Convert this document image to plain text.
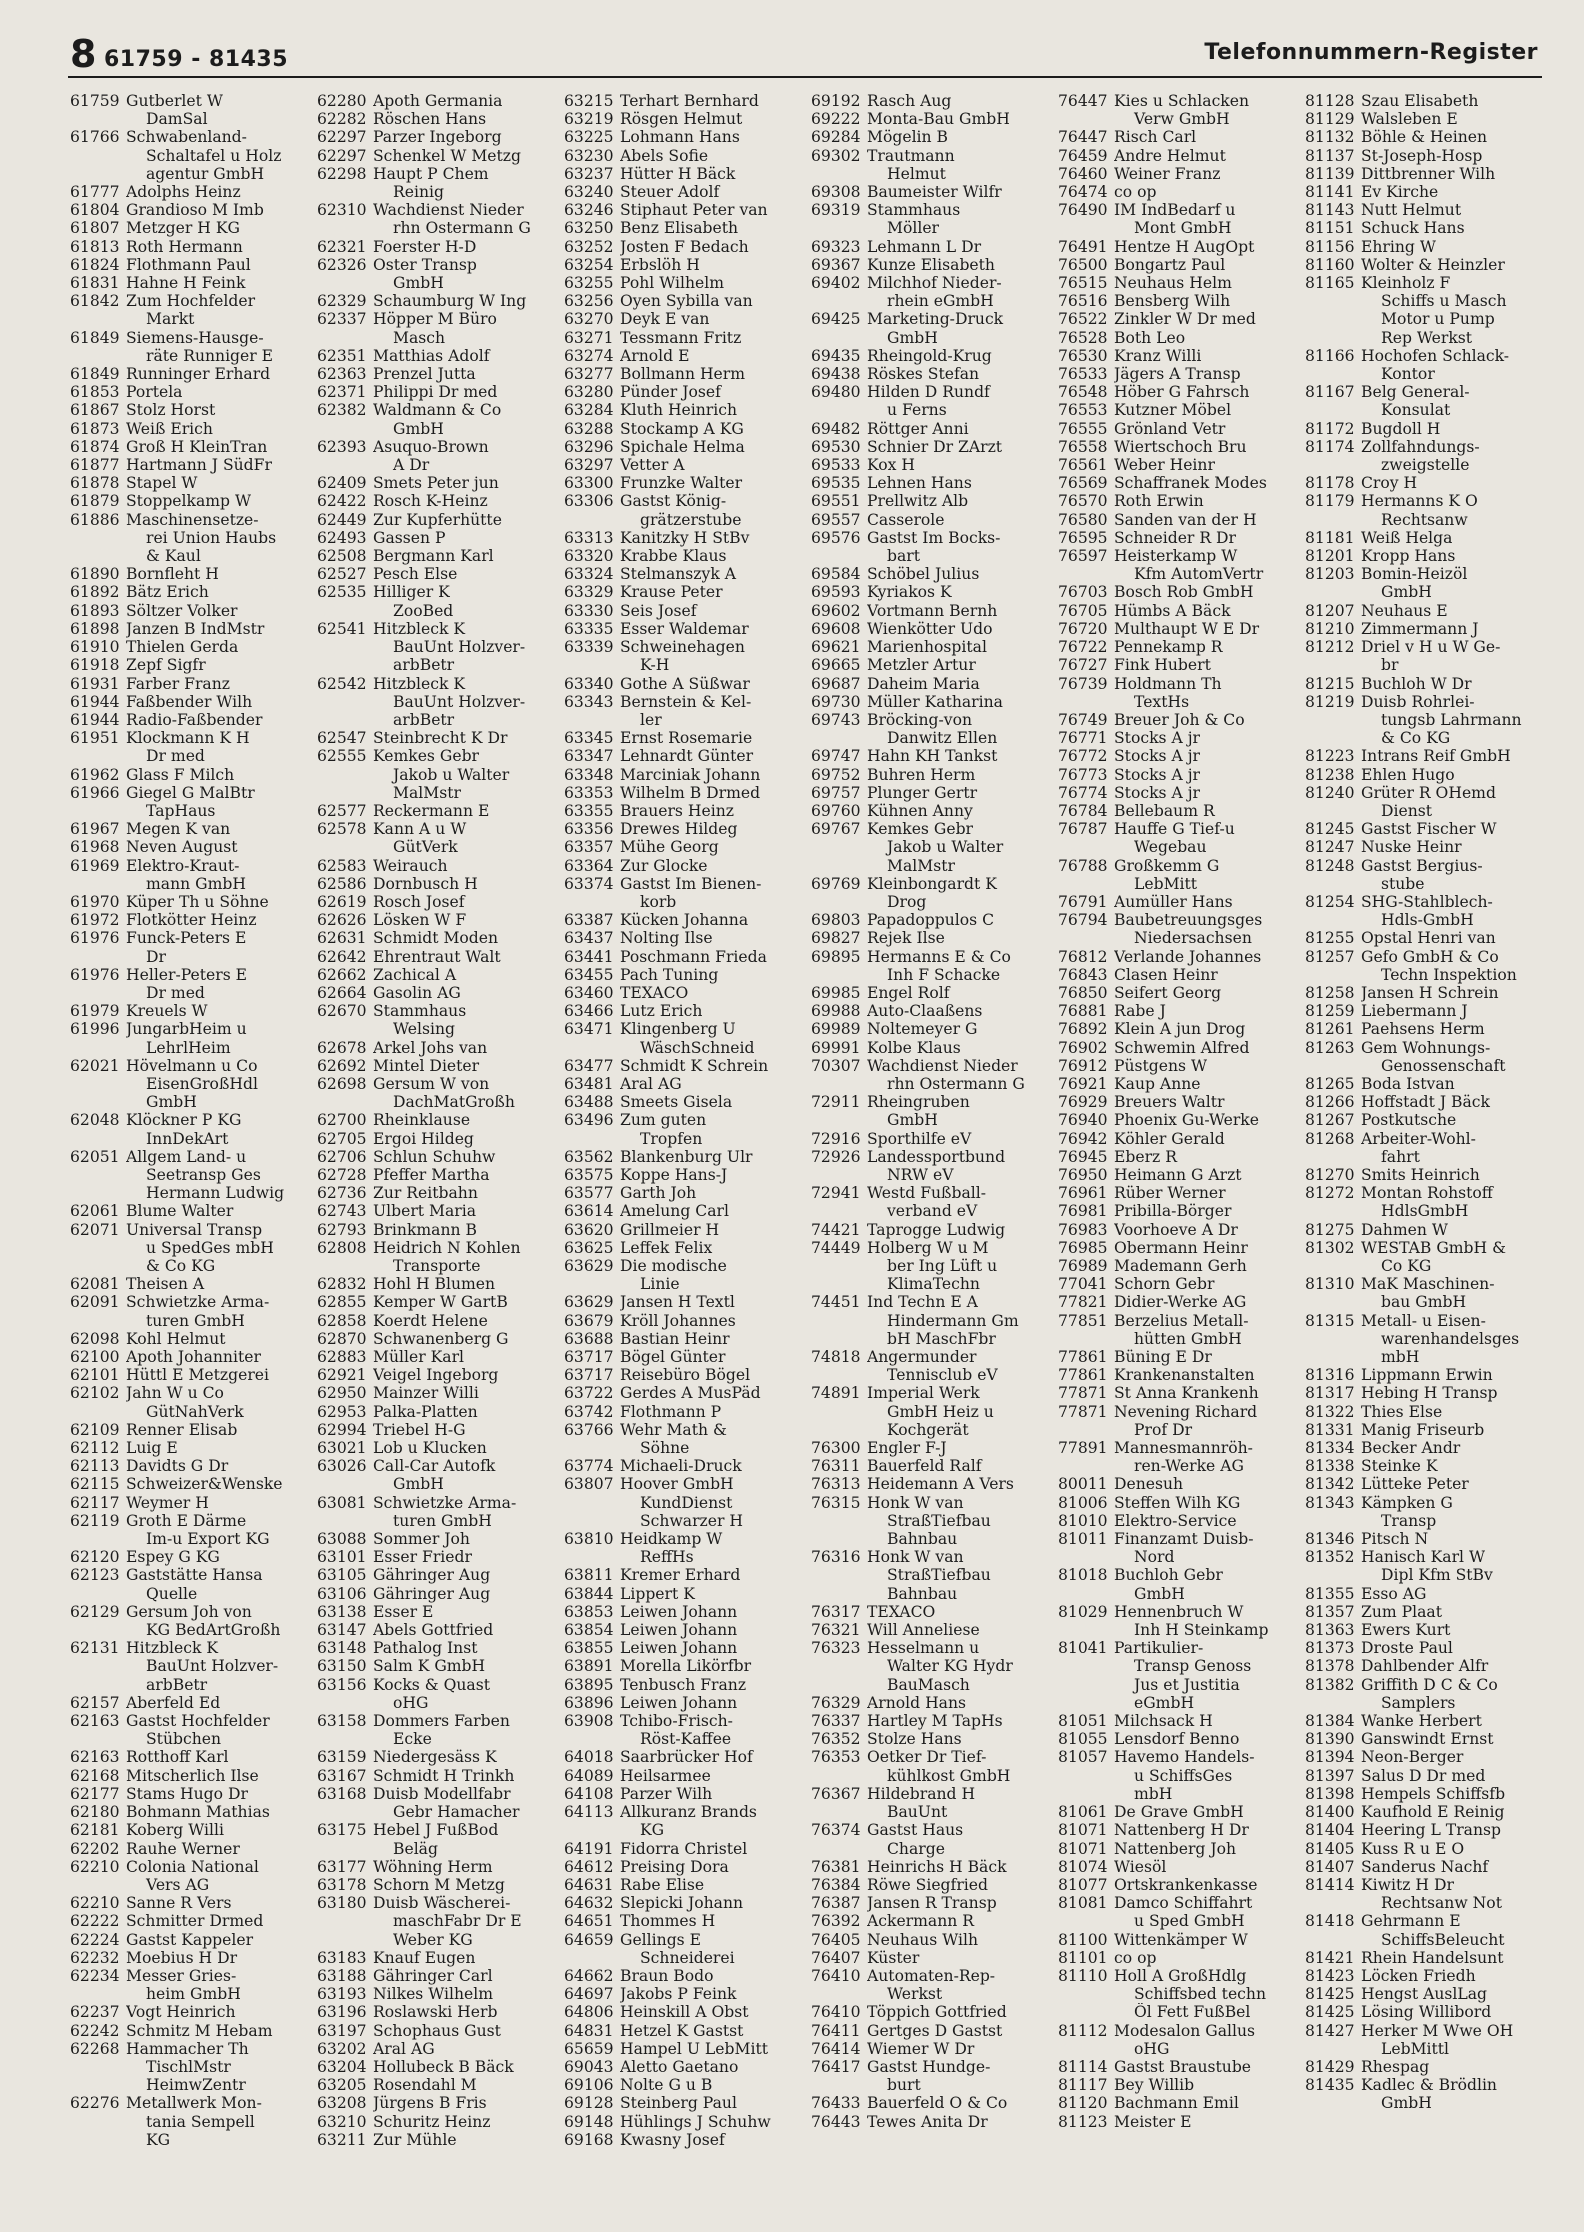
8 61759 - 81435	Telefonnummern-Register
61759 Gutberlet W
DamSal
61766 Schwabenland-
Schaltafel u Holz
agentur GmbH
61777 Adolphs Heinz
61804 Grandioso M Imb
61807 Metzger H KG
61813 Roth Hermann
61824 Flothmann Paul
61831 Hahne H Feink
61842 Zum Hochfelder
Markt
61849 Siemens-Hausge-
räte Runniger E
61849 Runninger Erhard
61853 Portela
61867 Stolz Horst
61873 Weiß Erich
61874 Groß H KleinTran
61877 Hartmann J SüdFr
61878 Stapel W
61879 Stoppelkamp W
61886 Maschinensetze-
rei Union Haubs
& Kaul
61890 Bornfleht H
61892 Bätz Erich
61893 Söltzer Volker
61898 Janzen B IndMstr
61910 Thielen Gerda
61918 Zepf Sigfr
61931 Farber Franz
61944 Faßbender Wilh
61944 Radio-Faßbender
61951 Klockmann K H
Dr med
61962 Glass F Milch
61966 Giegel G MalBtr
TapHaus
61967 Megen K van
61968 Neven August
61969 Elektro-Kraut-
mann GmbH
61970 Küper Th u Söhne
61972 Flotkötter Heinz
61976 Funck-Peters E
Dr
61976 Heller-Peters E
Dr med
61979 Kreuels W
61996 JungarbHeim u
LehrlHeim
62021 Hövelmann u Co
EisenGroßHdl
GmbH
62048 Klöckner P KG
InnDekArt
62051 Allgem Land- u
Seetransp Ges
Hermann Ludwig
62061 Blume Walter
62071 Universal Transp
u SpedGes mbH
& Co KG
62081 Theisen A
62091 Schwietzke Arma-
turen GmbH
62098 Kohl Helmut
62100 Apoth Johanniter
62101 Hüttl E Metzgerei
62102 Jahn W u Co
GütNahVerk
62109 Renner Elisab
62112 Luig E
62113 Davidts G Dr
62115 Schweizer&Wenske
62117 Weymer H
62119 Groth E Därme
Im-u Export KG
62120 Espey G KG
62123 Gaststätte Hansa
Quelle
62129 Gersum Joh von
KG BedArtGroßh
62131 Hitzbleck K
BauUnt Holzver-
arbBetr
62157 Aberfeld Ed
62163 Gastst Hochfelder
Stübchen
62163 Rotthoff Karl
62168 Mitscherlich Ilse
62177 Stams Hugo Dr
62180 Bohmann Mathias
62181 Koberg Willi
62202 Rauhe Werner
62210 Colonia National
Vers AG
62210 Sanne R Vers
62222 Schmitter Drmed
62224 Gastst Kappeler
62232 Moebius H Dr
62234 Messer Gries-
heim GmbH
62237 Vogt Heinrich
62242 Schmitz M Hebam
62268 Hammacher Th
TischlMstr
HeimwZentr
62276 Metallwerk Mon-
tania Sempell
KG
62280 Apoth Germania
62282 Röschen Hans
62297 Parzer Ingeborg
62297 Schenkel W Metzg
62298 Haupt P Chem
Reinig
62310 Wachdienst Nieder
rhn Ostermann G
62321 Foerster H-D
62326 Oster Transp
GmbH
62329 Schaumburg W Ing
62337 Höpper M Büro
Masch
62351 Matthias Adolf
62363 Prenzel Jutta
62371 Philippi Dr med
62382 Waldmann & Co
GmbH
62393 Asuquo-Brown
A Dr
62409 Smets Peter jun
62422 Rosch K-Heinz
62449 Zur Kupferhütte
62493 Gassen P
62508 Bergmann Karl
62527 Pesch Else
62535 Hilliger K
ZooBed
62541 Hitzbleck K
BauUnt Holzver-
arbBetr
62542 Hitzbleck K
BauUnt Holzver-
arbBetr
62547 Steinbrecht K Dr
62555 Kemkes Gebr
Jakob u Walter
MalMstr
62577 Reckermann E
62578 Kann A u W
GütVerk
62583 Weirauch
62586 Dornbusch H
62619 Rosch Josef
62626 Lösken W F
62631 Schmidt Moden
62642 Ehrentraut Walt
62662 Zachical A
62664 Gasolin AG
62670 Stammhaus
Welsing
62678 Arkel Johs van
62692 Mintel Dieter
62698 Gersum W von
DachMatGroßh
62700 Rheinklause
62705 Ergoi Hildeg
62706 Schlun Schuhw
62728 Pfeffer Martha
62736 Zur Reitbahn
62743 Ulbert Maria
62793 Brinkmann B
62808 Heidrich N Kohlen
Transporte
62832 Hohl H Blumen
62855 Kemper W GartB
62858 Koerdt Helene
62870 Schwanenberg G
62883 Müller Karl
62921 Veigel Ingeborg
62950 Mainzer Willi
62953 Palka-Platten
62994 Triebel H-G
63021 Lob u Klucken
63026 Call-Car Autofk
GmbH
63081 Schwietzke Arma-
turen GmbH
63088 Sommer Joh
63101 Esser Friedr
63105 Gähringer Aug
63106 Gähringer Aug
63138 Esser E
63147 Abels Gottfried
63148 Pathalog Inst
63150 Salm K GmbH
63156 Kocks & Quast
oHG
63158 Dommers Farben
Ecke
63159 Niedergesäss K
63167 Schmidt H Trinkh
63168 Duisb Modellfabr
Gebr Hamacher
63175 Hebel J FußBod
Beläg
63177 Wöhning Herm
63178 Schorn M Metzg
63180 Duisb Wäscherei-
maschFabr Dr E
Weber KG
63183 Knauf Eugen
63188 Gähringer Carl
63193 Nilkes Wilhelm
63196 Roslawski Herb
63197 Schophaus Gust
63202 Aral AG
63204 Hollubeck B Bäck
63205 Rosendahl M
63208 Jürgens B Fris
63210 Schuritz Heinz
63211 Zur Mühle
63215 Terhart Bernhard
63219 Rösgen Helmut
63225 Lohmann Hans
63230 Abels Sofie
63237 Hütter H Bäck
63240 Steuer Adolf
63246 Stiphaut Peter van
63250 Benz Elisabeth
63252 Josten F Bedach
63254 Erbslöh H
63255 Pohl Wilhelm
63256 Oyen Sybilla van
63270 Deyk E van
63271 Tessmann Fritz
63274 Arnold E
63277 Bollmann Herm
63280 Pünder Josef
63284 Kluth Heinrich
63288 Stockamp A KG
63296 Spichale Helma
63297 Vetter A
63300 Frunzke Walter
63306 Gastst König-
grätzerstube
63313 Kanitzky H StBv
63320 Krabbe Klaus
63324 Stelmanszyk A
63329 Krause Peter
63330 Seis Josef
63335 Esser Waldemar
63339 Schweinehagen
K-H
63340 Gothe A Süßwar
63343 Bernstein & Kel-
ler
63345 Ernst Rosemarie
63347 Lehnardt Günter
63348 Marciniak Johann
63353 Wilhelm B Drmed
63355 Brauers Heinz
63356 Drewes Hildeg
63357 Mühe Georg
63364 Zur Glocke
63374 Gastst Im Bienen-
korb
63387 Kücken Johanna
63437 Nolting Ilse
63441 Poschmann Frieda
63455 Pach Tuning
63460 TEXACO
63466 Lutz Erich
63471 Klingenberg U
WäschSchneid
63477 Schmidt K Schrein
63481 Aral AG
63488 Smeets Gisela
63496 Zum guten
Tropfen
63562 Blankenburg Ulr
63575 Koppe Hans-J
63577 Garth Joh
63614 Amelung Carl
63620 Grillmeier H
63625 Leffek Felix
63629 Die modische
Linie
63629 Jansen H Textl
63679 Kröll Johannes
63688 Bastian Heinr
63717 Bögel Günter
63717 Reisebüro Bögel
63722 Gerdes A MusPäd
63742 Flothmann P
63766 Wehr Math &
Söhne
63774 Michaeli-Druck
63807 Hoover GmbH
KundDienst
Schwarzer H
63810 Heidkamp W
ReffHs
63811 Kremer Erhard
63844 Lippert K
63853 Leiwen Johann
63854 Leiwen Johann
63855 Leiwen Johann
63891 Morella Likörfbr
63895 Tenbusch Franz
63896 Leiwen Johann
63908 Tchibo-Frisch-
Röst-Kaffee
64018 Saarbrücker Hof
64089 Heilsarmee
64108 Parzer Wilh
64113 Allkuranz Brands
KG
64191 Fidorra Christel
64612 Preising Dora
64631 Rabe Elise
64632 Slepicki Johann
64651 Thommes H
64659 Gellings E
Schneiderei
64662 Braun Bodo
64697 Jakobs P Feink
64806 Heinskill A Obst
64831 Hetzel K Gastst
65659 Hampel U LebMitt
69043 Aletto Gaetano
69106 Nolte G u B
69128 Steinberg Paul
69148 Hühlings J Schuhw
69168 Kwasny Josef
69192 Rasch Aug
69222 Monta-Bau GmbH
69284 Mögelin B
69302 Trautmann
Helmut
69308 Baumeister Wilfr
69319 Stammhaus
Möller
69323 Lehmann L Dr
69367 Kunze Elisabeth
69402 Milchhof Nieder-
rhein eGmbH
69425 Marketing-Druck
GmbH
69435 Rheingold-Krug
69438 Röskes Stefan
69480 Hilden D Rundf
u Ferns
69482 Röttger Anni
69530 Schnier Dr ZArzt
69533 Kox H
69535 Lehnen Hans
69551 Prellwitz Alb
69557 Casserole
69576 Gastst Im Bocks-
bart
69584 Schöbel Julius
69593 Kyriakos K
69602 Vortmann Bernh
69608 Wienkötter Udo
69621 Marienhospital
69665 Metzler Artur
69687 Daheim Maria
69730 Müller Katharina
69743 Bröcking-von
Danwitz Ellen
69747 Hahn KH Tankst
69752 Buhren Herm
69757 Plunger Gertr
69760 Kühnen Anny
69767 Kemkes Gebr
Jakob u Walter
MalMstr
69769 Kleinbongardt K
Drog
69803 Papadoppulos C
69827 Rejek Ilse
69895 Hermanns E & Co
Inh F Schacke
69985 Engel Rolf
69988 Auto-Claaßens
69989 Noltemeyer G
69991 Kolbe Klaus
70307 Wachdienst Nieder
rhn Ostermann G
72911 Rheingruben
GmbH
72916 Sporthilfe eV
72926 Landessportbund
NRW eV
72941 Westd Fußball-
verband eV
74421 Taprogge Ludwig
74449 Holberg W u M
ber Ing Lüft u
KlimaTechn
74451 Ind Techn E A
Hindermann Gm
bH MaschFbr
74818 Angermunder
Tennisclub eV
74891 Imperial Werk
GmbH Heiz u
Kochgerät
76300 Engler F-J
76311 Bauerfeld Ralf
76313 Heidemann A Vers
76315 Honk W van
StraßTiefbau
Bahnbau
76316 Honk W van
StraßTiefbau
Bahnbau
76317 TEXACO
76321 Will Anneliese
76323 Hesselmann u
Walter KG Hydr
BauMasch
76329 Arnold Hans
76337 Hartley M TapHs
76352 Stolze Hans
76353 Oetker Dr Tief-
kühlkost GmbH
76367 Hildebrand H
BauUnt
76374 Gastst Haus
Charge
76381 Heinrichs H Bäck
76384 Röwe Siegfried
76387 Jansen R Transp
76392 Ackermann R
76405 Neuhaus Wilh
76407 Küster
76410 Automaten-Rep-
Werkst
76410 Töppich Gottfried
76411 Gertges D Gastst
76414 Wiemer W Dr
76417 Gastst Hundge-
burt
76433 Bauerfeld O & Co
76443 Tewes Anita Dr
76447 Kies u Schlacken
Verw GmbH
76447 Risch Carl
76459 Andre Helmut
76460 Weiner Franz
76474 co op
76490 IM IndBedarf u
Mont GmbH
76491 Hentze H AugOpt
76500 Bongartz Paul
76515 Neuhaus Helm
76516 Bensberg Wilh
76522 Zinkler W Dr med
76528 Both Leo
76530 Kranz Willi
76533 Jägers A Transp
76548 Höber G Fahrsch
76553 Kutzner Möbel
76555 Grönland Vetr
76558 Wiertschoch Bru
76561 Weber Heinr
76569 Schaffranek Modes
76570 Roth Erwin
76580 Sanden van der H
76595 Schneider R Dr
76597 Heisterkamp W
Kfm AutomVertr
76703 Bosch Rob GmbH
76705 Hümbs A Bäck
76720 Multhaupt W E Dr
76722 Pennekamp R
76727 Fink Hubert
76739 Holdmann Th
TextHs
76749 Breuer Joh & Co
76771 Stocks A jr
76772 Stocks A jr
76773 Stocks A jr
76774 Stocks A jr
76784 Bellebaum R
76787 Hauffe G Tief-u
Wegebau
76788 Großkemm G
LebMitt
76791 Aumüller Hans
76794 Baubetreuungsges
Niedersachsen
76812 Verlande Johannes
76843 Clasen Heinr
76850 Seifert Georg
76881 Rabe J
76892 Klein A jun Drog
76902 Schwemin Alfred
76912 Püstgens W
76921 Kaup Anne
76929 Breuers Waltr
76940 Phoenix Gu-Werke
76942 Köhler Gerald
76945 Eberz R
76950 Heimann G Arzt
76961 Rüber Werner
76981 Pribilla-Börger
76983 Voorhoeve A Dr
76985 Obermann Heinr
76989 Mademann Gerh
77041 Schorn Gebr
77821 Didier-Werke AG
77851 Berzelius Metall-
hütten GmbH
77861 Büning E Dr
77861 Krankenanstalten
77871 St Anna Krankenh
77871 Nevening Richard
Prof Dr
77891 Mannesmannröh-
ren-Werke AG
80011 Denesuh
81006 Steffen Wilh KG
81010 Elektro-Service
81011 Finanzamt Duisb-
Nord
81018 Buchloh Gebr
GmbH
81029 Hennenbruch W
Inh H Steinkamp
81041 Partikulier-
Transp Genoss
Jus et Justitia
eGmbH
81051 Milchsack H
81055 Lensdorf Benno
81057 Havemo Handels-
u SchiffsGes
mbH
81061 De Grave GmbH
81071 Nattenberg H Dr
81071 Nattenberg Joh
81074 Wiesöl
81077 Ortskrankenkasse
81081 Damco Schiffahrt
u Sped GmbH
81100 Wittenkämper W
81101 co op
81110 Holl A GroßHdlg
Schiffsbed techn
Öl Fett FußBel
81112 Modesalon Gallus
oHG
81114 Gastst Braustube
81117 Bey Willib
81120 Bachmann Emil
81123 Meister E
81128 Szau Elisabeth
81129 Walsleben E
81132 Böhle & Heinen
81137 St-Joseph-Hosp
81139 Dittbrenner Wilh
81141 Ev Kirche
81143 Nutt Helmut
81151 Schuck Hans
81156 Ehring W
81160 Wolter & Heinzler
81165 Kleinholz F
Schiffs u Masch
Motor u Pump
Rep Werkst
81166 Hochofen Schlack-
Kontor
81167 Belg General-
Konsulat
81172 Bugdoll H
81174 Zollfahndungs-
zweigstelle
81178 Croy H
81179 Hermanns K O
Rechtsanw
81181 Weiß Helga
81201 Kropp Hans
81203 Bomin-Heizöl
GmbH
81207 Neuhaus E
81210 Zimmermann J
81212 Driel v H u W Ge-
br
81215 Buchloh W Dr
81219 Duisb Rohrlei-
tungsb Lahrmann
& Co KG
81223 Intrans Reif GmbH
81238 Ehlen Hugo
81240 Grüter R OHemd
Dienst
81245 Gastst Fischer W
81247 Nuske Heinr
81248 Gastst Bergius-
stube
81254 SHG-Stahlblech-
Hdls-GmbH
81255 Opstal Henri van
81257 Gefo GmbH & Co
Techn Inspektion
81258 Jansen H Schrein
81259 Liebermann J
81261 Paehsens Herm
81263 Gem Wohnungs-
Genossenschaft
81265 Boda Istvan
81266 Hoffstadt J Bäck
81267 Postkutsche
81268 Arbeiter-Wohl-
fahrt
81270 Smits Heinrich
81272 Montan Rohstoff
HdlsGmbH
81275 Dahmen W
81302 WESTAB GmbH &
Co KG
81310 MaK Maschinen-
bau GmbH
81315 Metall- u Eisen-
warenhandelsges
mbH
81316 Lippmann Erwin
81317 Hebing H Transp
81322 Thies Else
81331 Manig Friseurb
81334 Becker Andr
81338 Steinke K
81342 Lütteke Peter
81343 Kämpken G
Transp
81346 Pitsch N
81352 Hanisch Karl W
Dipl Kfm StBv
81355 Esso AG
81357 Zum Plaat
81363 Ewers Kurt
81373 Droste Paul
81378 Dahlbender Alfr
81382 Griffith D C & Co
Samplers
81384 Wanke Herbert
81390 Ganswindt Ernst
81394 Neon-Berger
81397 Salus D Dr med
81398 Hempels Schiffsfb
81400 Kaufhold E Reinig
81404 Heering L Transp
81405 Kuss R u E O
81407 Sanderus Nachf
81414 Kiwitz H Dr
Rechtsanw Not
81418 Gehrmann E
SchiffsBeleucht
81421 Rhein Handelsunt
81423 Löcken Friedh
81425 Hengst AuslLag
81425 Lösing Willibord
81427 Herker M Wwe OH
LebMittl
81429 Rhespag
81435 Kadlec & Brödlin
GmbH
